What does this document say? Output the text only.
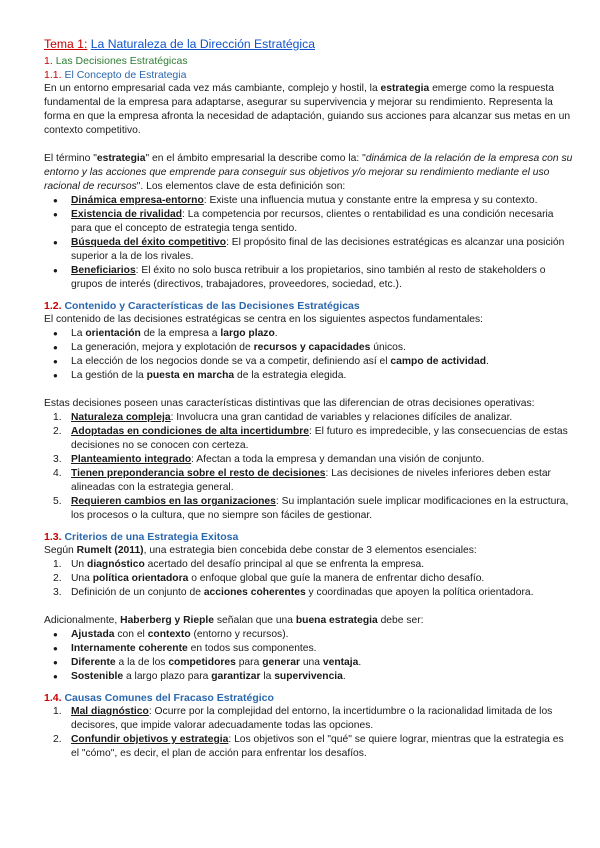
Tema 1: La Naturaleza de la Dirección Estratégica
1. Las Decisiones Estratégicas
1.1. El Concepto de Estrategia

En un entorno empresarial cada vez más cambiante, complejo y hostil, la estrategia emerge como la respuesta fundamental de la empresa para adaptarse, asegurar su supervivencia y mejorar su rendimiento. Representa la forma en que la empresa afronta la necesidad de adaptación, guiando sus acciones para alcanzar sus metas en un contexto competitivo.

El término "estrategia" en el ámbito empresarial la describe como la: "dinámica de la relación de la empresa con su entorno y las acciones que emprende para conseguir sus objetivos y/o mejorar su rendimiento mediante el uso racional de recursos". Los elementos clave de esta definición son:

● Dinámica empresa-entorno: Existe una influencia mutua y constante entre la empresa y su contexto.
● Existencia de rivalidad: La competencia por recursos, clientes o rentabilidad es una condición necesaria para que el concepto de estrategia tenga sentido.
● Búsqueda del éxito competitivo: El propósito final de las decisiones estratégicas es alcanzar una posición superior a la de los rivales.
● Beneficiarios: El éxito no solo busca retribuir a los propietarios, sino también al resto de stakeholders o grupos de interés (directivos, trabajadores, proveedores, sociedad, etc.).
1.2. Contenido y Características de las Decisiones Estratégicas

El contenido de las decisiones estratégicas se centra en los siguientes aspectos fundamentales:

● La orientación de la empresa a largo plazo.
● La generación, mejora y explotación de recursos y capacidades únicos.
● La elección de los negocios donde se va a competir, definiendo así el campo de actividad.
● La gestión de la puesta en marcha de la estrategia elegida.

Estas decisiones poseen unas características distintivas que las diferencian de otras decisiones operativas:

1. Naturaleza compleja: Involucra una gran cantidad de variables y relaciones difíciles de analizar.
2. Adoptadas en condiciones de alta incertidumbre: El futuro es impredecible, y las consecuencias de estas decisiones no se conocen con certeza.
3. Planteamiento integrado: Afectan a toda la empresa y demandan una visión de conjunto.
4. Tienen preponderancia sobre el resto de decisiones: Las decisiones de niveles inferiores deben estar alineadas con la estrategia general.
5. Requieren cambios en las organizaciones: Su implantación suele implicar modificaciones en la estructura, los procesos o la cultura, que no siempre son fáciles de gestionar.
1.3. Criterios de una Estrategia Exitosa

Según Rumelt (2011), una estrategia bien concebida debe constar de 3 elementos esenciales:

1. Un diagnóstico acertado del desafío principal al que se enfrenta la empresa.
2. Una política orientadora o enfoque global que guíe la manera de enfrentar dicho desafío.
3. Definición de un conjunto de acciones coherentes y coordinadas que apoyen la política orientadora.

Adicionalmente, Haberberg y Rieple señalan que una buena estrategia debe ser:

● Ajustada con el contexto (entorno y recursos).
● Internamente coherente en todos sus componentes.
● Diferente a la de los competidores para generar una ventaja.
● Sostenible a largo plazo para garantizar la supervivencia.
1.4. Causas Comunes del Fracaso Estratégico
1. Mal diagnóstico: Ocurre por la complejidad del entorno, la incertidumbre o la racionalidad limitada de los decisores, que impide valorar adecuadamente todas las opciones.
2. Confundir objetivos y estrategia: Los objetivos son el "qué" se quiere lograr, mientras que la estrategia es el "cómo", es decir, el plan de acción para enfrentar los desafíos.
